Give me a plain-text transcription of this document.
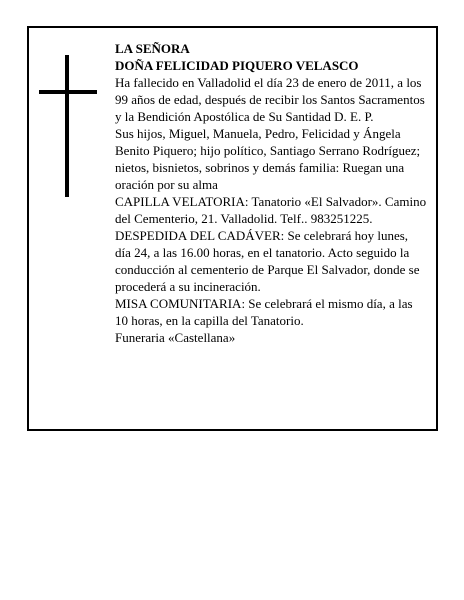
LA SEÑORA

DOÑA FELICIDAD PIQUERO VELASCO

Ha fallecido en Valladolid el día 23 de enero de 2011, a los 99 años de edad, después de recibir los Santos Sacramentos y la Bendición Apostólica de Su Santidad D. E. P.

Sus hijos, Miguel, Manuela, Pedro, Felicidad y Ángela Benito Piquero; hijo político, Santiago Serrano Rodríguez; nietos, bisnietos, sobrinos y demás familia: Ruegan una oración por su alma

CAPILLA VELATORIA: Tanatorio «El Salvador». Camino del Cementerio, 21. Valladolid. Telf.. 983251225.

DESPEDIDA DEL CADÁVER: Se celebrará hoy lunes, día 24, a las 16.00 horas, en el tanatorio. Acto seguido la conducción al cementerio de Parque El Salvador, donde se procederá a su incineración.

MISA COMUNITARIA: Se celebrará el mismo día, a las 10 horas, en la capilla del Tanatorio.

Funeraria «Castellana»
